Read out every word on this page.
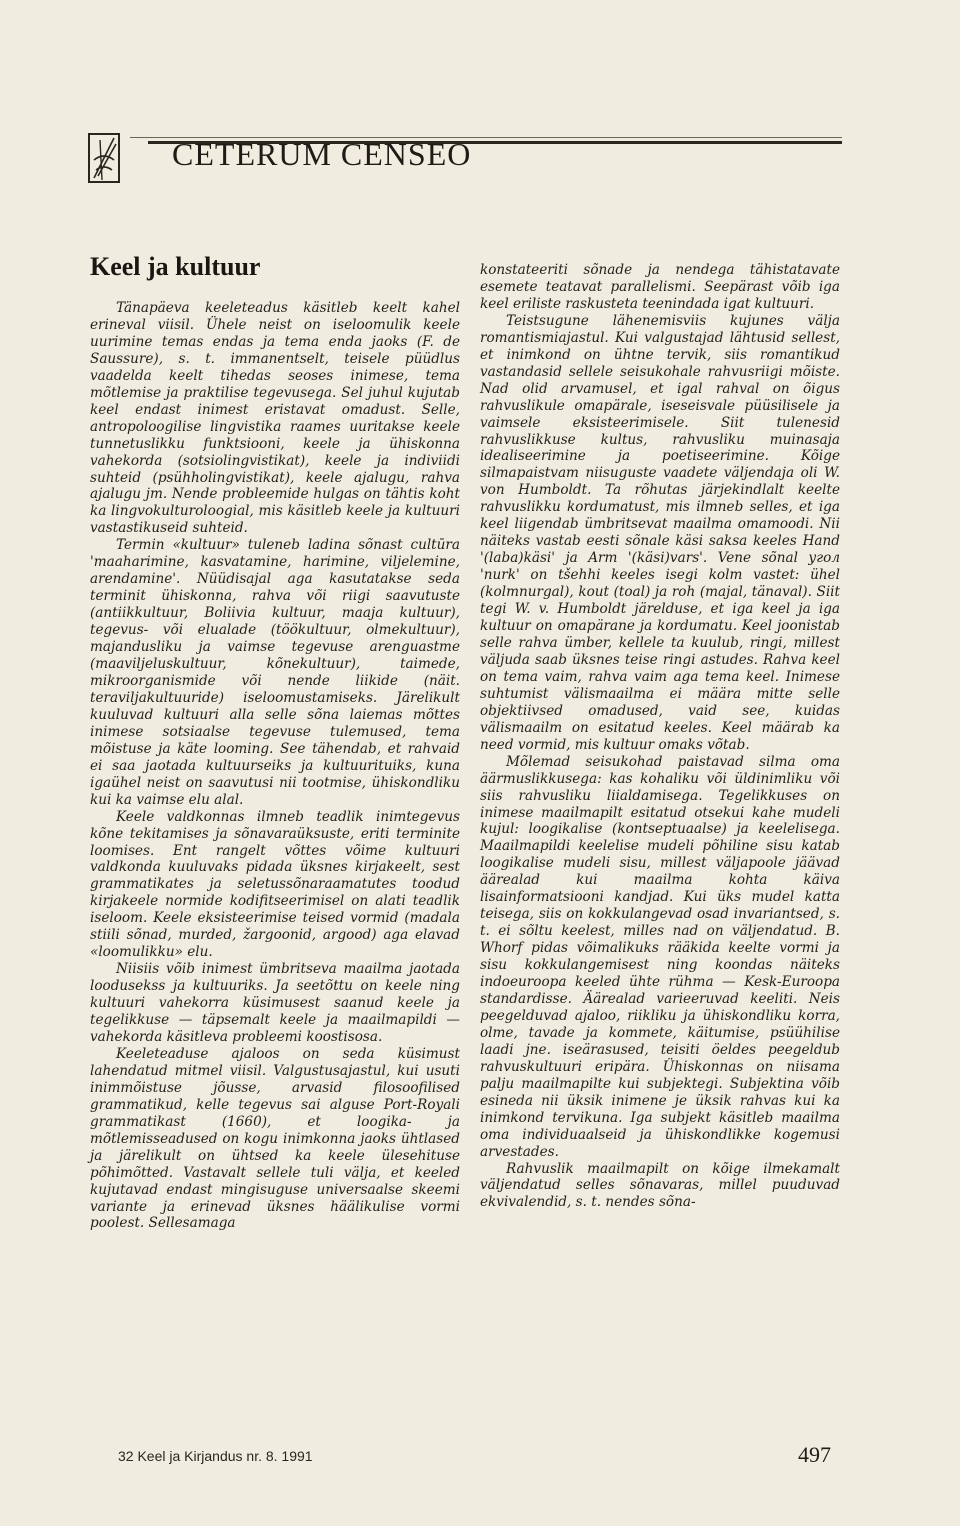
CETERUM CENSEO
Keel ja kultuur

Tänapäeva keeleteadus käsitleb keelt kahel erineval viisil. Ühele neist on iseloomulik keele uurimine temas endas ja tema enda jaoks (F. de Saussure), s. t. immanentselt, teisele püüdlus vaadelda keelt tihedas seoses inimese, tema mõtlemise ja praktilise tegevusega. Sel juhul kujutab keel endast inimest eristavat omadust. Selle, antropoloogilise lingvistika raames uuritakse keele tunnetuslikku funktsiooni, keele ja ühiskonna vahekorda (sotsiolingvistikat), keele ja indiviidi suhteid (psühholingvistikat), keele ajalugu, rahva ajalugu jm. Nende probleemide hulgas on tähtis koht ka lingvokulturoloogial, mis käsitleb keele ja kultuuri vastastikuseid suhteid.

Termin «kultuur» tuleneb ladina sõnast cultūra 'maaharimine, kasvatamine, harimine, viljelemine, arendamine'. Nüüdisajal aga kasutatakse seda terminit ühiskonna, rahva või riigi saavutuste (antiikkultuur, Boliivia kultuur, maaja kultuur), tegevus- või elualade (töökultuur, olmekultuur), majandusliku ja vaimse tegevuse arenguastme (maaviljeluskultuur, kõnekultuur), taimede, mikroorganismide või nende liikide (näit. teraviljakultuuride) iseloomustamiseks. Järelikult kuuluvad kultuuri alla selle sõna laiemas mõttes inimese sotsiaalse tegevuse tulemused, tema mõistuse ja käte looming. See tähendab, et rahvaid ei saa jaotada kultuurseiks ja kultuurituiks, kuna igaühel neist on saavutusi nii tootmise, ühiskondliku kui ka vaimse elu alal.

Keele valdkonnas ilmneb teadlik inimtegevus kõne tekitamises ja sõnavaraüksuste, eriti terminite loomises. Ent rangelt võttes võime kultuuri valdkonda kuuluvaks pidada üksnes kirjakeelt, sest grammatikates ja seletussõnaraamatutes toodud kirjakeele normide kodifitseerimisel on alati teadlik iseloom. Keele eksisteerimise teised vormid (madala stiili sõnad, murded, žargoonid, argood) aga elavad «loomulikku» elu.

Niisiis võib inimest ümbritseva maailma jaotada loodusekss ja kultuuriks. Ja seetõttu on keele ning kultuuri vahekorra küsimusest saanud keele ja tegelikkuse — täpsemalt keele ja maailmapildi — vahekorda käsitleva probleemi koostisosa.

Keeleteaduse ajaloos on seda küsimust lahendatud mitmel viisil. Valgustusajastul, kui usuti inimmõistuse jõusse, arvasid filosoofilised grammatikud, kelle tegevus sai alguse Port-Royali grammatikast (1660), et loogika- ja mõtlemisseadused on kogu inimkonna jaoks ühtlased ja järelikult on ühtsed ka keele ülesehituse põhimõtted. Vastavalt sellele tuli välja, et keeled kujutavad endast mingisuguse universaalse skeemi variante ja erinevad üksnes häälikulise vormi poolest. Sellesamaga

konstateeriti sõnade ja nendega tähistatavate esemete teatavat parallelismi. Seepärast võib iga keel eriliste raskusteta teenindada igat kultuuri.

Teistsugune lähenemisviis kujunes välja romantismiajastul. Kui valgustajad lähtusid sellest, et inimkond on ühtne tervik, siis romantikud vastandasid sellele seisukohale rahvusriigi mõiste. Nad olid arvamusel, et igal rahval on õigus rahvuslikule omapärale, iseseisvale püüsilisele ja vaimsele eksisteerimisele. Siit tulenesid rahvuslikkuse kultus, rahvusliku muinasaja idealiseerimine ja poetiseerimine. Kõige silmapaistvam niisuguste vaadete väljendaja oli W. von Humboldt. Ta rõhutas järjekindlalt keelte rahvuslikku kordumatust, mis ilmneb selles, et iga keel liigendab ümbritsevat maailma omamoodi. Nii näiteks vastab eesti sõnale käsi saksa keeles Hand '(laba)käsi' ja Arm '(käsi)vars'. Vene sõnal угол 'nurk' on tšehhi keeles isegi kolm vastet: ühel (kolmnurgal), kout (toal) ja roh (majal, tänaval). Siit tegi W. v. Humboldt järelduse, et iga keel ja iga kultuur on omapärane ja kordumatu. Keel joonistab selle rahva ümber, kellele ta kuulub, ringi, millest väljuda saab üksnes teise ringi astudes. Rahva keel on tema vaim, rahva vaim aga tema keel. Inimese suhtumist välismaailma ei määra mitte selle objektiivsed omadused, vaid see, kuidas välismaailm on esitatud keeles. Keel määrab ka need vormid, mis kultuur omaks võtab.

Mõlemad seisukohad paistavad silma oma äärmuslikkusega: kas kohaliku või üldinimliku või siis rahvusliku liialdamisega. Tegelikkuses on inimese maailmapilt esitatud otsekui kahe mudeli kujul: loogikalise (kontseptuaalse) ja keelelisega. Maailmapildi keelelise mudeli põhiline sisu katab loogikalise mudeli sisu, millest väljapoole jäävad äärealad kui maailma kohta käiva lisainformatsiooni kandjad. Kui üks mudel katta teisega, siis on kokkulangevad osad invariantsed, s. t. ei sõltu keelest, milles nad on väljendatud. B. Whorf pidas võimalikuks rääkida keelte vormi ja sisu kokkulangemisest ning koondas näiteks indoeuroopa keeled ühte rühma — Kesk-Euroopa standardisse. Äärealad varieeruvad keeliti. Neis peegelduvad ajaloo, riikliku ja ühiskondliku korra, olme, tavade ja kommete, käitumise, psüühilise laadi jne. iseärasused, teisiti öeldes peegeldub rahvuskultuuri eripära. Ühiskonnas on niisama palju maailmapilte kui subjektegi. Subjektina võib esineda nii üksik inimene je üksik rahvas kui ka inimkond tervikuna. Iga subjekt käsitleb maailma oma individuaalseid ja ühiskondlikke kogemusi arvestades.

Rahvuslik maailmapilt on kõige ilmekamalt väljendatud selles sõnavaras, millel puuduvad ekvivalendid, s. t. nendes sõna-

32 Keel ja Kirjandus nr. 8. 1991	497
